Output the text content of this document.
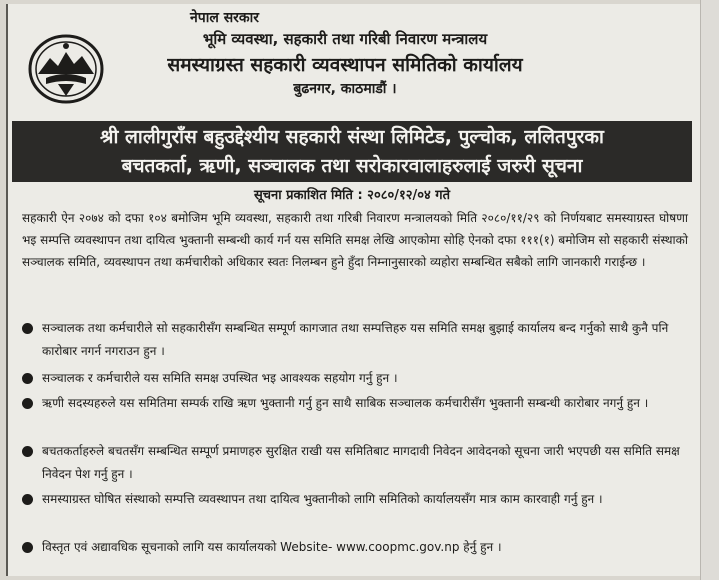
नेपाल सरकार
भूमि व्यवस्था, सहकारी तथा गरिबी निवारण मन्त्रालय
समस्याग्रस्त सहकारी व्यवस्थापन समितिको कार्यालय
बुढनगर, काठमाडौं ।
श्री लालीगुराँस बहुउद्देश्यीय सहकारी संस्था लिमिटेड, पुल्चोक, ललितपुरका
बचतकर्ता, ऋणी, सञ्चालक तथा सरोकारवालाहरुलाई जरुरी सूचना
सूचना प्रकाशित मिति : २०८०/१२/०४ गते
सहकारी ऐन २०७४ को दफा १०४ बमोजिम भूमि व्यवस्था, सहकारी तथा गरिबी निवारण मन्त्रालयको मिति २०८०/११/२९ को निर्णयबाट समस्याग्रस्त घोषणा भइ सम्पत्ति व्यवस्थापन तथा दायित्व भुक्तानी सम्बन्धी कार्य गर्न यस समिति समक्ष लेखि आएकोमा सोहि ऐनको दफा १११(१) बमोजिम सो सहकारी संस्थाको सञ्चालक समिति, व्यवस्थापन तथा कर्मचारीको अधिकार स्वतः निलम्बन हुने हुँदा निम्नानुसारको व्यहोरा सम्बन्धित सबैको लागि जानकारी गराईन्छ ।
सञ्चालक तथा कर्मचारीले सो सहकारीसँग सम्बन्धित सम्पूर्ण कागजात तथा सम्पत्तिहरु यस समिति समक्ष बुझाई कार्यालय बन्द गर्नुको साथै कुनै पनि कारोबार नगर्न नगराउन हुन ।
सञ्चालक र कर्मचारीले यस समिति समक्ष उपस्थित भइ आवश्यक सहयोग गर्नु हुन ।
ऋणी सदस्यहरुले यस समितिमा सम्पर्क राखि ऋण भुक्तानी गर्नु हुन साथै साबिक सञ्चालक कर्मचारीसँग भुक्तानी सम्बन्धी कारोबार नगर्नु हुन ।
बचतकर्ताहरुले बचतसँग सम्बन्धित सम्पूर्ण प्रमाणहरु सुरक्षित राखी यस समितिबाट मागदावी निवेदन आवेदनको सूचना जारी भएपछी यस समिति समक्ष निवेदन पेश गर्नु हुन ।
समस्याग्रस्त घोषित संस्थाको सम्पत्ति व्यवस्थापन तथा दायित्व भुक्तानीको लागि समितिको कार्यालयसँग मात्र काम कारवाही गर्नु हुन ।
विस्तृत एवं अद्यावधिक सूचनाको लागि यस कार्यालयको Website- www.coopmc.gov.np हेर्नु हुन ।
